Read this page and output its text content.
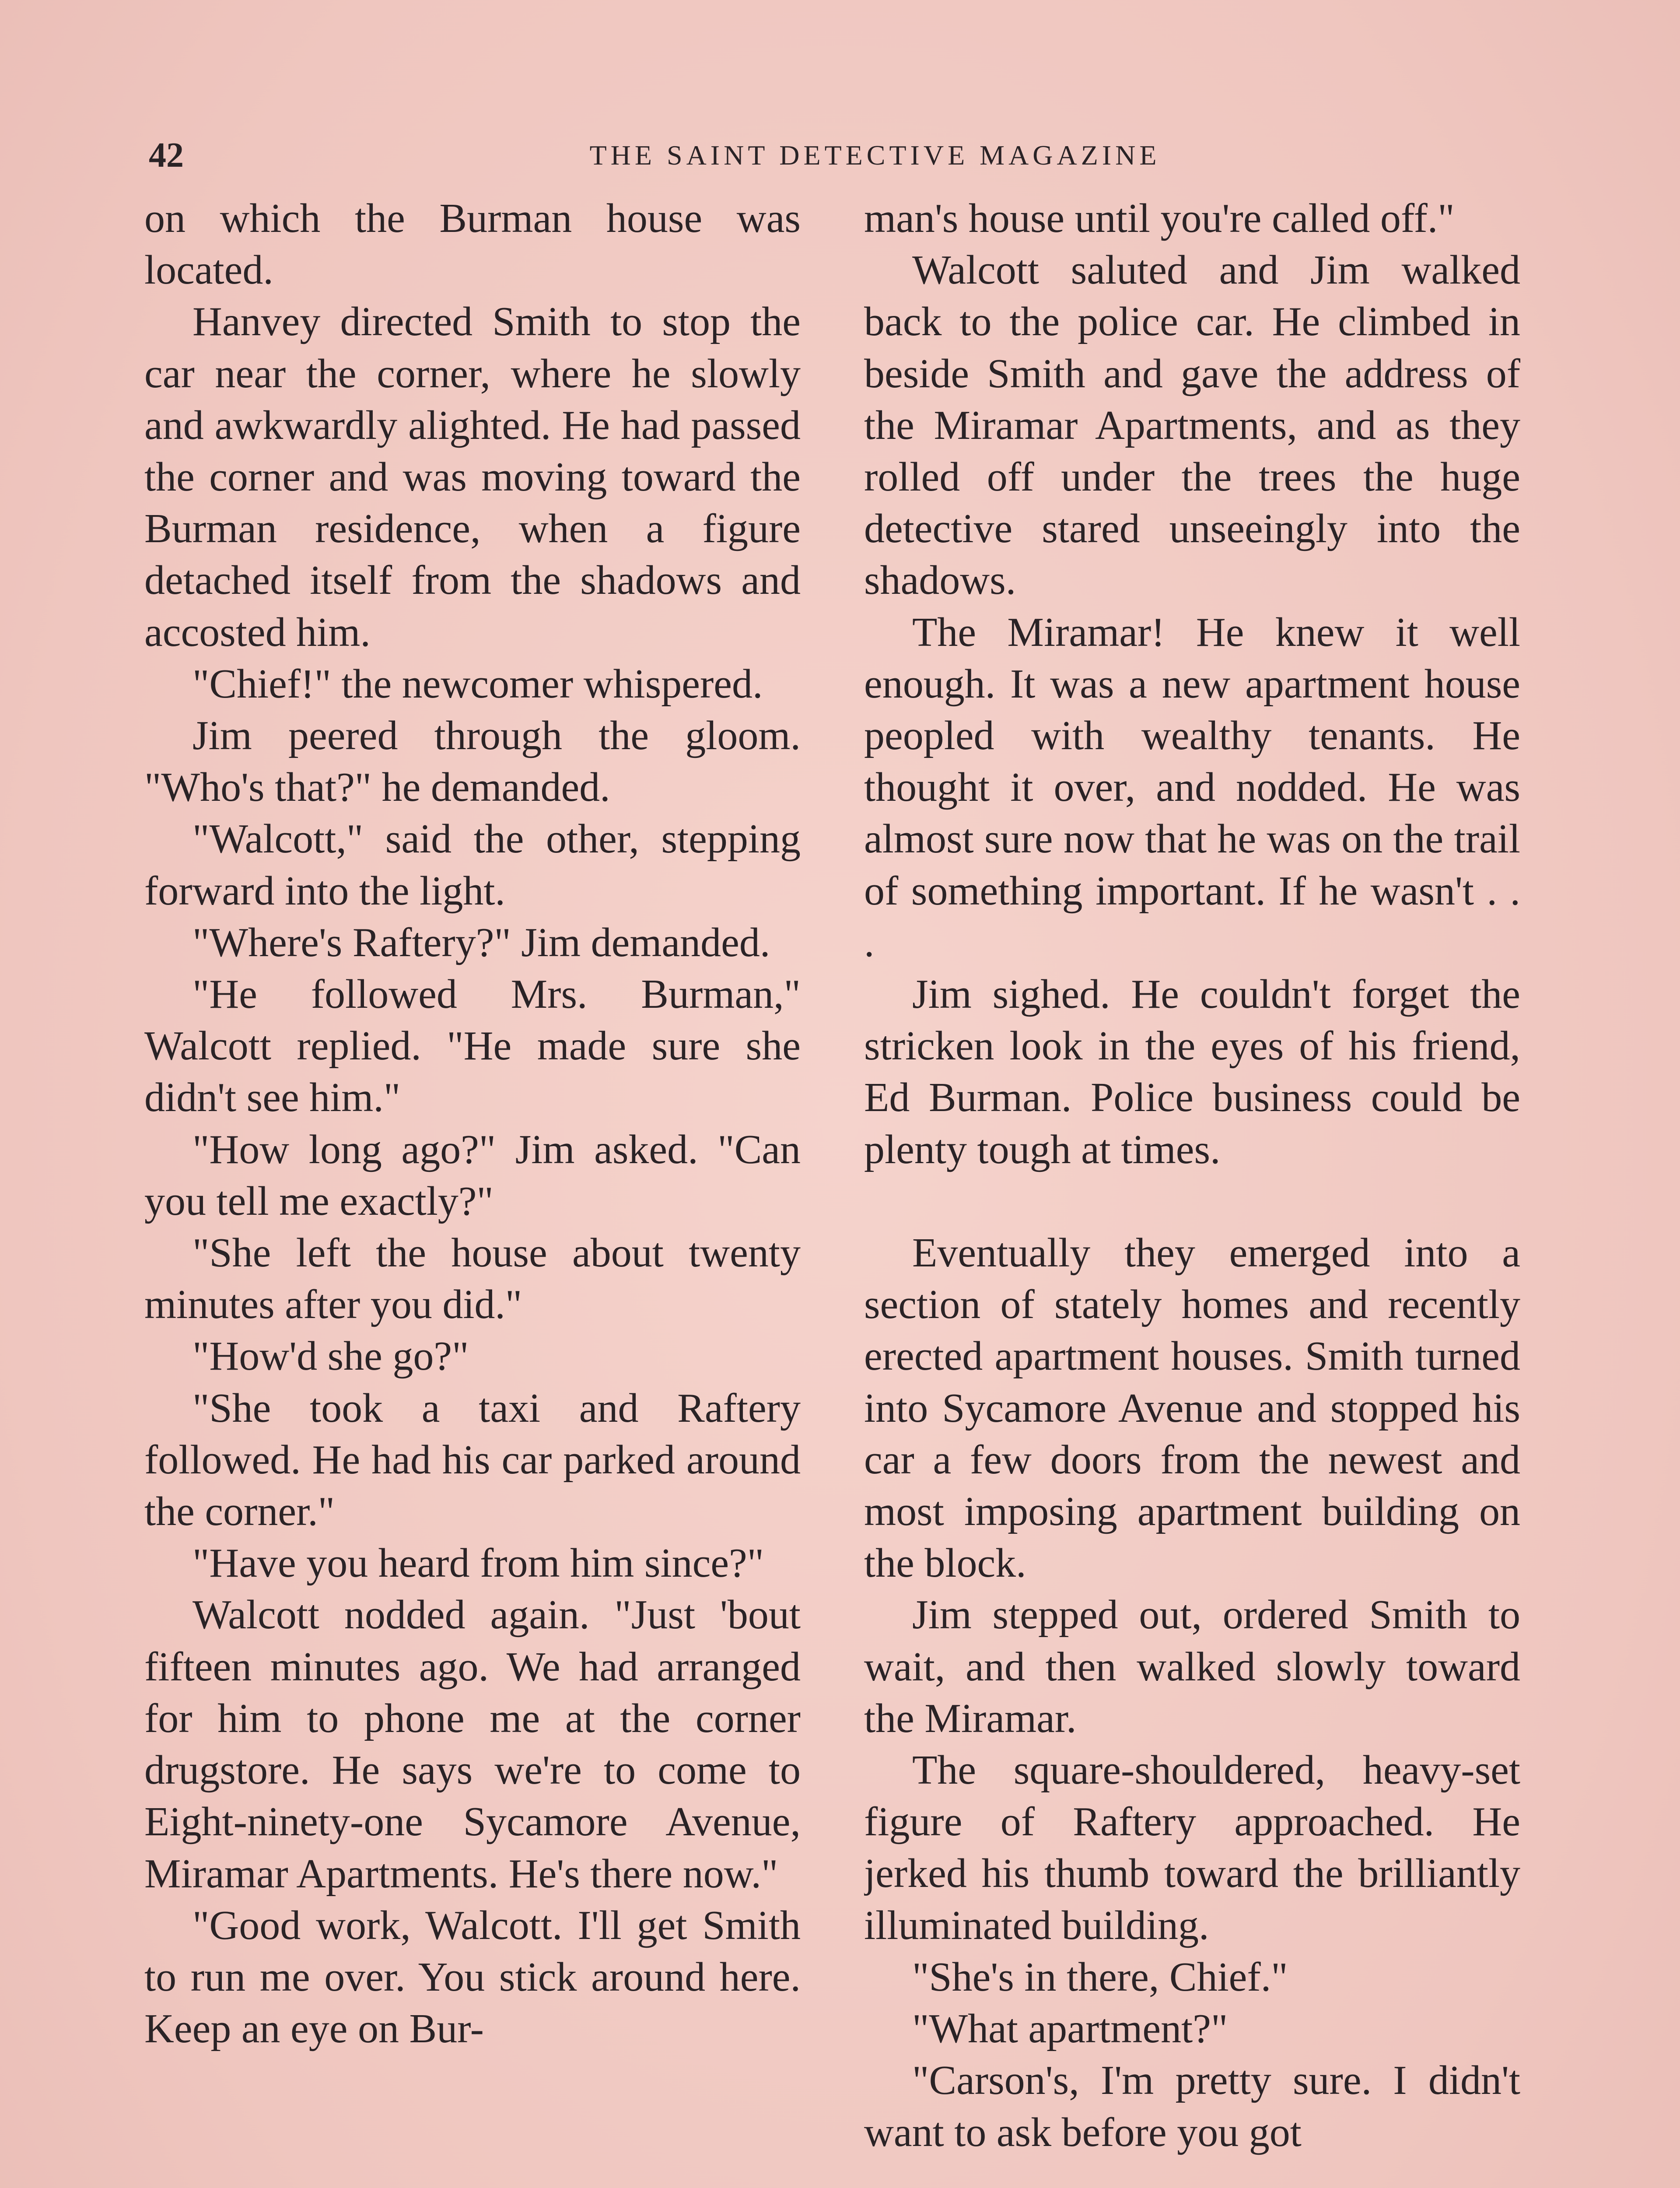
42	THE SAINT DETECTIVE MAGAZINE

on which the Burman house was located.

Hanvey directed Smith to stop the car near the corner, where he slowly and awkwardly alighted. He had passed the corner and was moving toward the Burman residence, when a figure detached itself from the shadows and accosted him.

"Chief!" the newcomer whispered.

Jim peered through the gloom. "Who's that?" he demanded.

"Walcott," said the other, stepping forward into the light.

"Where's Raftery?" Jim demanded.

"He followed Mrs. Burman," Walcott replied. "He made sure she didn't see him."

"How long ago?" Jim asked. "Can you tell me exactly?"

"She left the house about twenty minutes after you did."

"How'd she go?"

"She took a taxi and Raftery followed. He had his car parked around the corner."

"Have you heard from him since?"

Walcott nodded again. "Just 'bout fifteen minutes ago. We had arranged for him to phone me at the corner drugstore. He says we're to come to Eight-ninety-one Sycamore Avenue, Miramar Apartments. He's there now."

"Good work, Walcott. I'll get Smith to run me over. You stick around here. Keep an eye on Bur-

man's house until you're called off."

Walcott saluted and Jim walked back to the police car. He climbed in beside Smith and gave the address of the Miramar Apartments, and as they rolled off under the trees the huge detective stared unseeingly into the shadows.

The Miramar! He knew it well enough. It was a new apartment house peopled with wealthy tenants. He thought it over, and nodded. He was almost sure now that he was on the trail of something important. If he wasn't . . .

Jim sighed. He couldn't forget the stricken look in the eyes of his friend, Ed Burman. Police business could be plenty tough at times.

Eventually they emerged into a section of stately homes and recently erected apartment houses. Smith turned into Sycamore Avenue and stopped his car a few doors from the newest and most imposing apartment building on the block.

Jim stepped out, ordered Smith to wait, and then walked slowly toward the Miramar.

The square-shouldered, heavy-set figure of Raftery approached. He jerked his thumb toward the brilliantly illuminated building.

"She's in there, Chief."

"What apartment?"

"Carson's, I'm pretty sure. I didn't want to ask before you got
